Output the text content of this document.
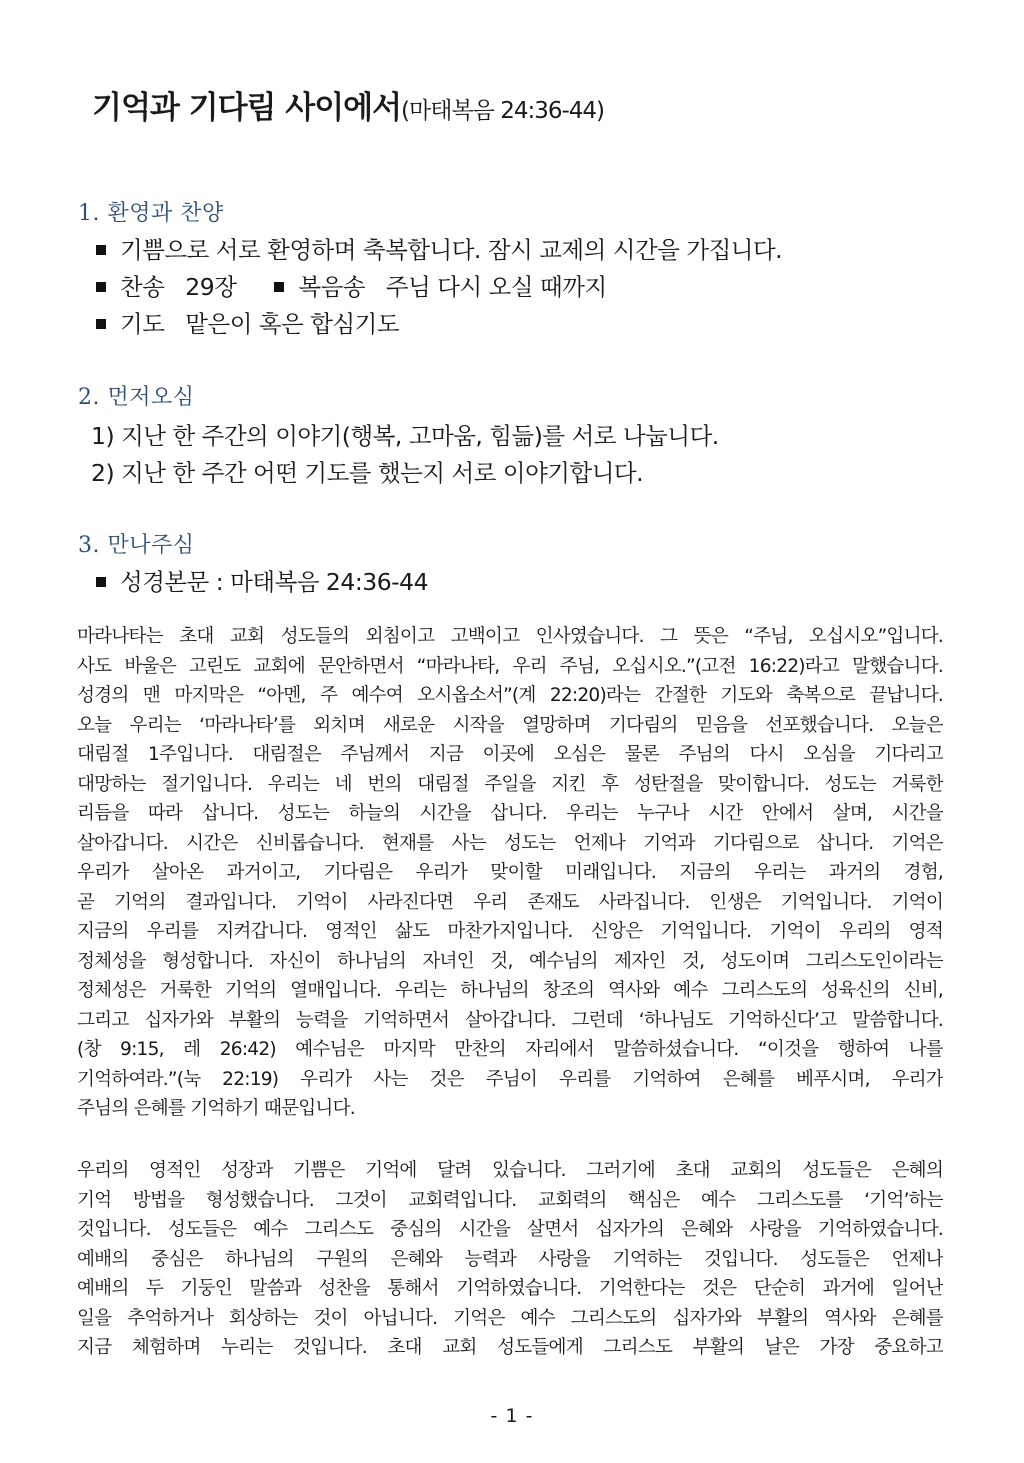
기억과 기다림 사이에서(마태복음 24:36-44)
1. 환영과 찬양
기쁨으로 서로 환영하며 축복합니다. 잠시 교제의 시간을 가집니다.
찬송   29장	복음송   주님 다시 오실 때까지
기도   맡은이 혹은 합심기도
2. 먼저오심
1) 지난 한 주간의 이야기(행복, 고마움, 힘듦)를 서로 나눕니다.
2) 지난 한 주간 어떤 기도를 했는지 서로 이야기합니다.
3. 만나주심
성경본문 : 마태복음 24:36-44
마라나타는 초대 교회 성도들의 외침이고 고백이고 인사였습니다. 그 뜻은 “주님, 오십시오”입니다.
사도 바울은 고린도 교회에 문안하면서 “마라나타, 우리 주님, 오십시오.”(고전 16:22)라고 말했습니다.
성경의 맨 마지막은 “아멘, 주 예수여 오시옵소서”(계 22:20)라는 간절한 기도와 축복으로 끝납니다.
오늘 우리는 ‘마라나타’를 외치며 새로운 시작을 열망하며 기다림의 믿음을 선포했습니다. 오늘은
대림절 1주입니다. 대림절은 주님께서 지금 이곳에 오심은 물론 주님의 다시 오심을 기다리고
대망하는 절기입니다. 우리는 네 번의 대림절 주일을 지킨 후 성탄절을 맞이합니다. 성도는 거룩한
리듬을 따라 삽니다. 성도는 하늘의 시간을 삽니다. 우리는 누구나 시간 안에서 살며, 시간을
살아갑니다. 시간은 신비롭습니다. 현재를 사는 성도는 언제나 기억과 기다림으로 삽니다. 기억은
우리가 살아온 과거이고, 기다림은 우리가 맞이할 미래입니다. 지금의 우리는 과거의 경험,
곧 기억의 결과입니다. 기억이 사라진다면 우리 존재도 사라집니다. 인생은 기억입니다. 기억이
지금의 우리를 지켜갑니다. 영적인 삶도 마찬가지입니다. 신앙은 기억입니다. 기억이 우리의 영적
정체성을 형성합니다. 자신이 하나님의 자녀인 것, 예수님의 제자인 것, 성도이며 그리스도인이라는
정체성은 거룩한 기억의 열매입니다. 우리는 하나님의 창조의 역사와 예수 그리스도의 성육신의 신비,
그리고 십자가와 부활의 능력을 기억하면서 살아갑니다. 그런데 ‘하나님도 기억하신다’고 말씀합니다.
(창 9:15, 레 26:42) 예수님은 마지막 만찬의 자리에서 말씀하셨습니다. “이것을 행하여 나를
기억하여라.”(눅 22:19) 우리가 사는 것은 주님이 우리를 기억하여 은혜를 베푸시며, 우리가
주님의 은혜를 기억하기 때문입니다.
우리의 영적인 성장과 기쁨은 기억에 달려 있습니다. 그러기에 초대 교회의 성도들은 은혜의
기억 방법을 형성했습니다. 그것이 교회력입니다. 교회력의 핵심은 예수 그리스도를 ‘기억’하는
것입니다. 성도들은 예수 그리스도 중심의 시간을 살면서 십자가의 은혜와 사랑을 기억하였습니다.
예배의 중심은 하나님의 구원의 은혜와 능력과 사랑을 기억하는 것입니다. 성도들은 언제나
예배의 두 기둥인 말씀과 성찬을 통해서 기억하였습니다. 기억한다는 것은 단순히 과거에 일어난
일을 추억하거나 회상하는 것이 아닙니다. 기억은 예수 그리스도의 십자가와 부활의 역사와 은혜를
지금 체험하며 누리는 것입니다. 초대 교회 성도들에게 그리스도 부활의 날은 가장 중요하고
- 1 -
